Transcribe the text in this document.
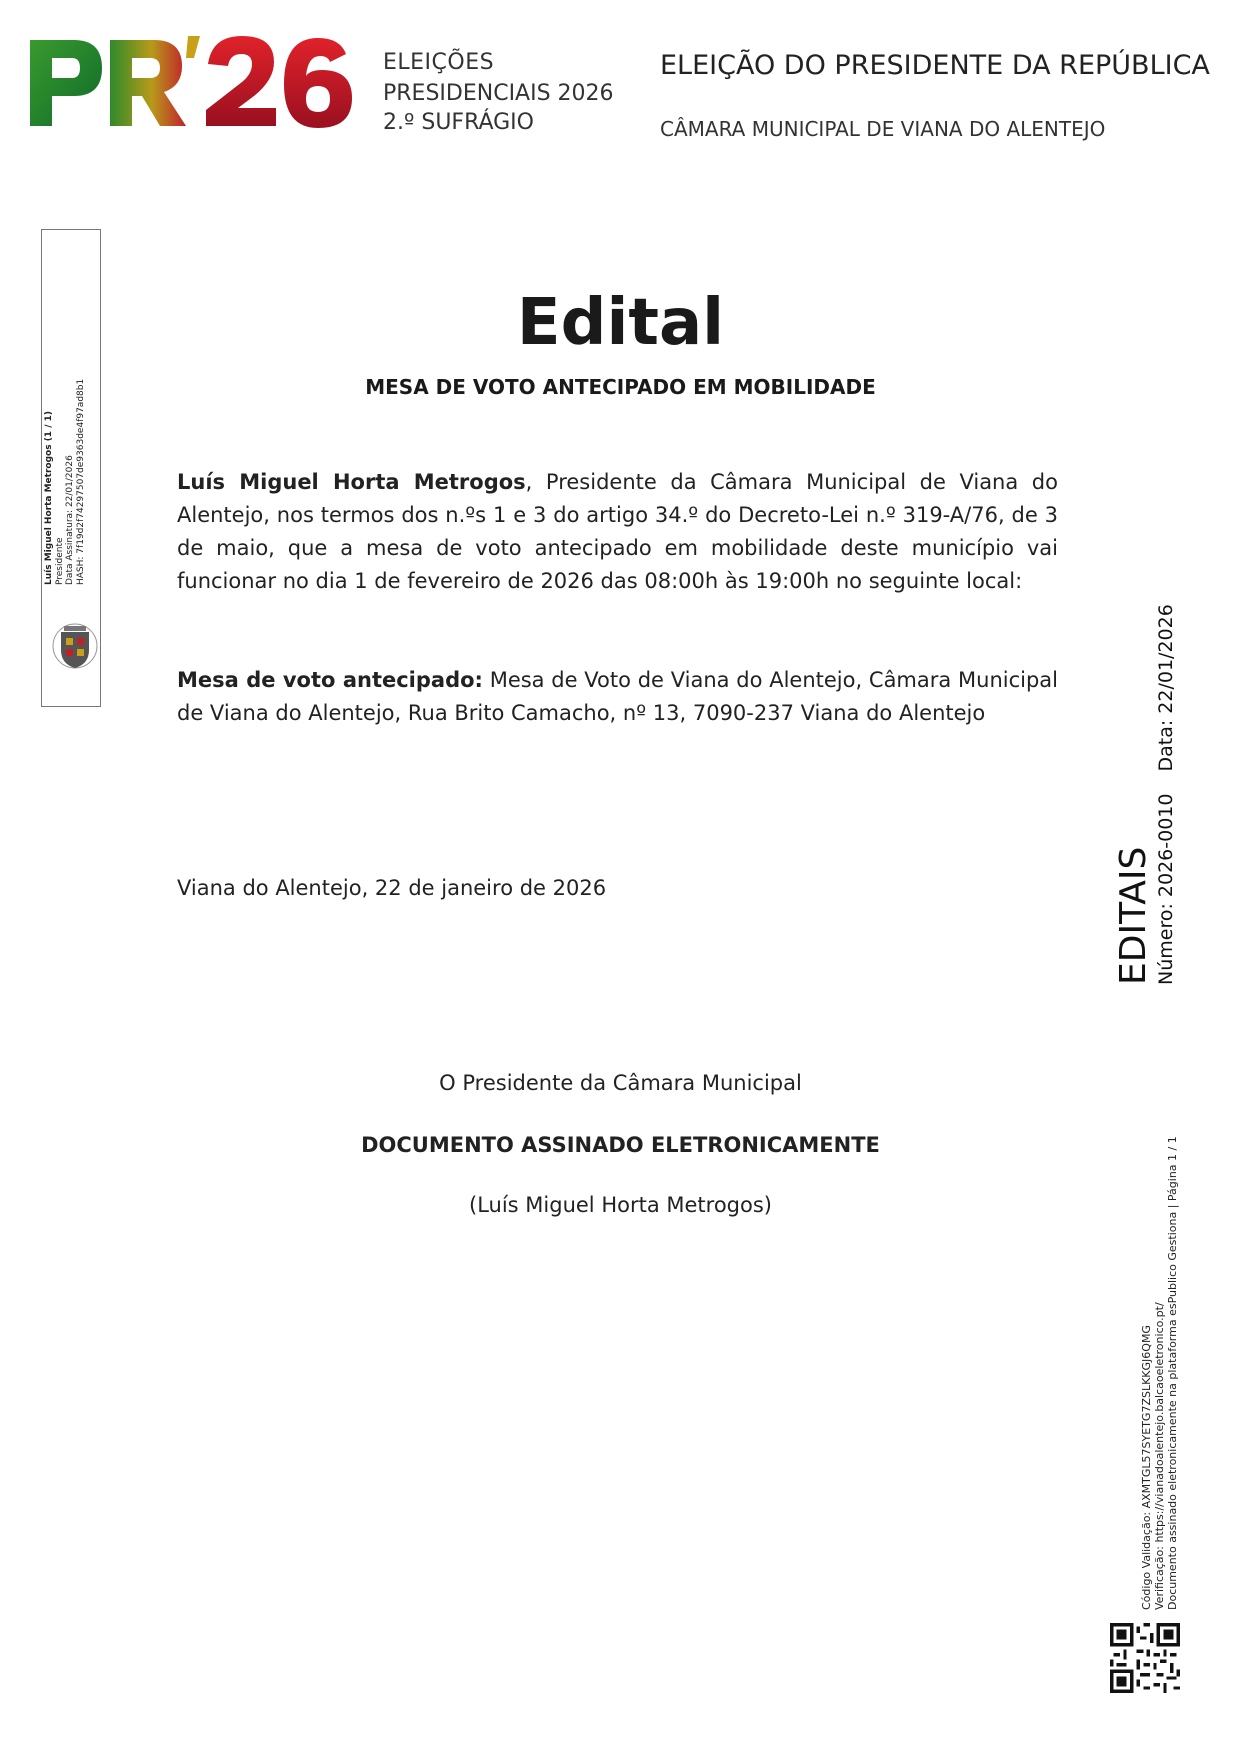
ELEIÇÕES
PRESIDENCIAIS 2026
2.º SUFRÁGIO
ELEIÇÃO DO PRESIDENTE DA REPÚBLICA
CÂMARA MUNICIPAL DE VIANA DO ALENTEJO
Luís Miguel Horta Metrogos (1 / 1) Presidente Data Assinatura: 22/01/2026 HASH: 7f19d2f74297507de9363de4f97ad8b1
Edital
MESA DE VOTO ANTECIPADO EM MOBILIDADE
Luís Miguel Horta Metrogos, Presidente da Câmara Municipal de Viana do Alentejo, nos termos dos n.ºs 1 e 3 do artigo 34.º do Decreto-Lei n.º 319-A/76, de 3 de maio, que a mesa de voto antecipado em mobilidade deste município vai funcionar no dia 1 de fevereiro de 2026 das 08:00h às 19:00h no seguinte local:
Mesa de voto antecipado: Mesa de Voto de Viana do Alentejo, Câmara Municipal de Viana do Alentejo, Rua Brito Camacho, nº 13, 7090-237 Viana do Alentejo
Viana do Alentejo, 22 de janeiro de 2026
O Presidente da Câmara Municipal
DOCUMENTO ASSINADO ELETRONICAMENTE
(Luís Miguel Horta Metrogos)
EDITAIS Número: 2026-0010Data: 22/01/2026
Código Validação: AXMTGL57SYETG7ZSLKKGJ6QMG Verificação: https://vianadoalentejo.balcaoeletronico.pt/ Documento assinado eletronicamente na plataforma esPublico Gestiona | Página 1 / 1
